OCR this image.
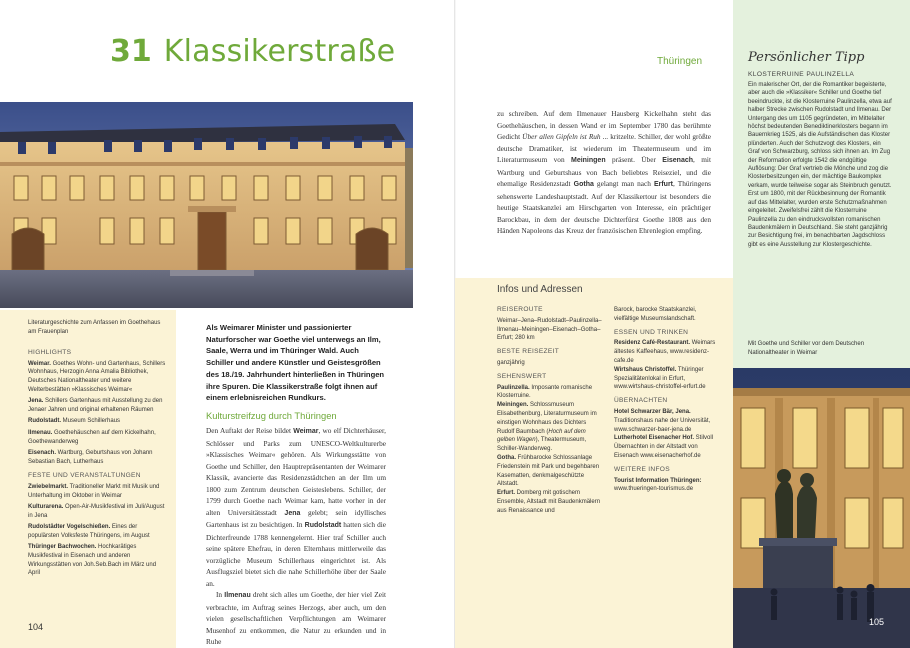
31 Klassikerstraße	Thüringen
Literaturgeschichte zum Anfassen im Goethehaus am Frauenplan
HIGHLIGHTS
Weimar. Goethes Wohn- und Gartenhaus, Schillers Wohnhaus, Herzogin Anna Amalia Bibliothek, Deutsches Nationaltheater und weitere Welterbestätten »Klassisches Weimar«
Jena. Schillers Gartenhaus mit Ausstellung zu den Jenaer Jahren und original erhaltenen Räumen
Rudolstadt. Museum Schillerhaus
Ilmenau. Goethehäuschen auf dem Kickelhahn, Goethewanderweg
Eisenach. Wartburg, Geburtshaus von Johann Sebastian Bach, Lutherhaus
FESTE UND VERANSTALTUNGEN
Zwiebelmarkt. Traditioneller Markt mit Musik und Unterhaltung im Oktober in Weimar
Kulturarena. Open-Air-Musikfestival im Juli/August in Jena
Rudolstädter Vogelschießen. Eines der populärsten Volksfeste Thüringens, im August
Thüringer Bachwochen. Hochkarätiges Musikfestival in Eisenach und anderen Wirkungsstätten von Joh.Seb.Bach im März und April
Als Weimarer Minister und passionierter Naturforscher war Goethe viel unterwegs an Ilm, Saale, Werra und im Thüringer Wald. Auch Schiller und andere Künstler und Geistesgrößen des 18./19. Jahrhundert hinterließen in Thüringen ihre Spuren. Die Klassikerstraße folgt ihnen auf einem erlebnisreichen Rundkurs.
Kulturstreifzug durch Thüringen
Den Auftakt der Reise bildet Weimar, wo elf Dichterhäuser, Schlösser und Parks zum UNESCO-Weltkulturerbe »Klassisches Weimar« gehören. Als Wirkungsstätte von Goethe und Schiller, den Hauptrepräsentanten der Weimarer Klassik, avancierte das Residenzstädtchen an der Ilm um 1800 zum Zentrum deutschen Geisteslebens. Schiller, der 1799 durch Goethe nach Weimar kam, hatte vorher in der alten Universitätsstadt Jena gelebt; sein idyllisches Gartenhaus ist zu besichtigen. In Rudolstadt hatten sich die Dichterfreunde 1788 kennengelernt. Hier traf Schiller auch seine spätere Ehefrau, in deren Elternhaus mittlerweile das vorzügliche Museum Schillerhaus eingerichtet ist. Als Ausflugsziel bietet sich die nahe Schillerhöhe über der Saale an.
In Ilmenau dreht sich alles um Goethe, der hier viel Zeit verbrachte, im Auftrag seines Herzogs, aber auch, um den vielen gesellschaftlichen Verpflichtungen am Weimarer Musenhof zu entkommen, die Natur zu erkunden und in Ruhe
zu schreiben. Auf dem Ilmenauer Hausberg Kickelhahn steht das Goethehäuschen, in dessen Wand er im September 1780 das berühmte Gedicht Über allen Gipfeln ist Ruh ... kritzelte. Schiller, der wohl größte deutsche Dramatiker, ist wiederum im Theatermuseum und im Literaturmuseum von Meiningen präsent. Über Eisenach, mit Wartburg und Geburtshaus von Bach beliebtes Reiseziel, und die ehemalige Residenzstadt Gotha gelangt man nach Erfurt, Thüringens sehenswerte Landeshauptstadt. Auf der Klassikertour ist besonders die heutige Staatskanzlei am Hirschgarten von Interesse, ein prächtiger Barockbau, in dem der deutsche Dichterfürst Goethe 1808 aus den Händen Napoleons das Kreuz der französischen Ehrenlegion empfing.
Infos und Adressen
REISEROUTE
Weimar–Jena–Rudolstadt–Paulinzella–Ilmenau–Meiningen–Eisenach–Gotha–Erfurt; 280 km
BESTE REISEZEIT
ganzjährig
SEHENSWERT
Paulinzella. Imposante romanische Klosterruine.
Meiningen. Schlossmuseum Elisabethenburg, Literaturmuseum im einstigen Wohnhaus des Dichters Rudolf Baumbach (Hoch auf dem gelben Wagen), Theatermuseum, Schiller-Wanderweg.
Gotha. Frühbarocke Schlossanlage Friedenstein mit Park und begehbaren Kasematten, denkmalgeschützte Altstadt.
Erfurt. Domberg mit gotischem Ensemble, Altstadt mit Baudenkmälern aus Renaissance und
Barock, barocke Staatskanzlei, vielfältige Museumslandschaft.
ESSEN UND TRINKEN
Residenz Café-Restaurant. Weimars ältestes Kaffeehaus, www.residenz-cafe.de
Wirtshaus Christoffel. Thüringer Spezialitätenlokal in Erfurt, www.wirtshaus-christoffel-erfurt.de
ÜBERNACHTEN
Hotel Schwarzer Bär, Jena. Traditionshaus nahe der Universität, www.schwarzer-baer-jena.de
Lutherhotel Eisenacher Hof. Stilvoll Übernachten in der Altstadt von Eisenach www.eisenacherhof.de
WEITERE INFOS
Tourist Information Thüringen: www.thueringen-tourismus.de
Persönlicher Tipp
KLOSTERRUINE PAULINZELLA
Ein malerischer Ort, der die Romantiker begeisterte, aber auch die »Klassiker« Schiller und Goethe tief beeindruckte, ist die Klosterruine Paulinzella, etwa auf halber Strecke zwischen Rudolstadt und Ilmenau. Der Untergang des um 1105 gegründeten, im Mittelalter höchst bedeutenden Benediktinerklosters begann im Bauernkrieg 1525, als die Aufständischen das Kloster plünderten. Auch der Schutzvogt des Klosters, ein Graf von Schwarzburg, schloss sich ihnen an. Im Zug der Reformation erfolgte 1542 die endgültige Auflösung: Der Graf vertrieb die Mönche und zog die Klosterbesitzungen ein, der mächtige Baukomplex verkam, wurde teilweise sogar als Steinbruch genutzt. Erst um 1800, mit der Rückbesinnung der Romantik auf das Mittelalter, wurden erste Schutzmaßnahmen eingeleitet. Zweifelsfrei zählt die Klosterruine Paulinzella zu den eindrucksvollsten romanischen Baudenkmälern in Deutschland. Sie steht ganzjährig zur Besichtigung frei, im benachbarten Jagdschloss gibt es eine Ausstellung zur Klostergeschichte.
Mit Goethe und Schiller vor dem Deutschen Nationaltheater in Weimar
104	105
